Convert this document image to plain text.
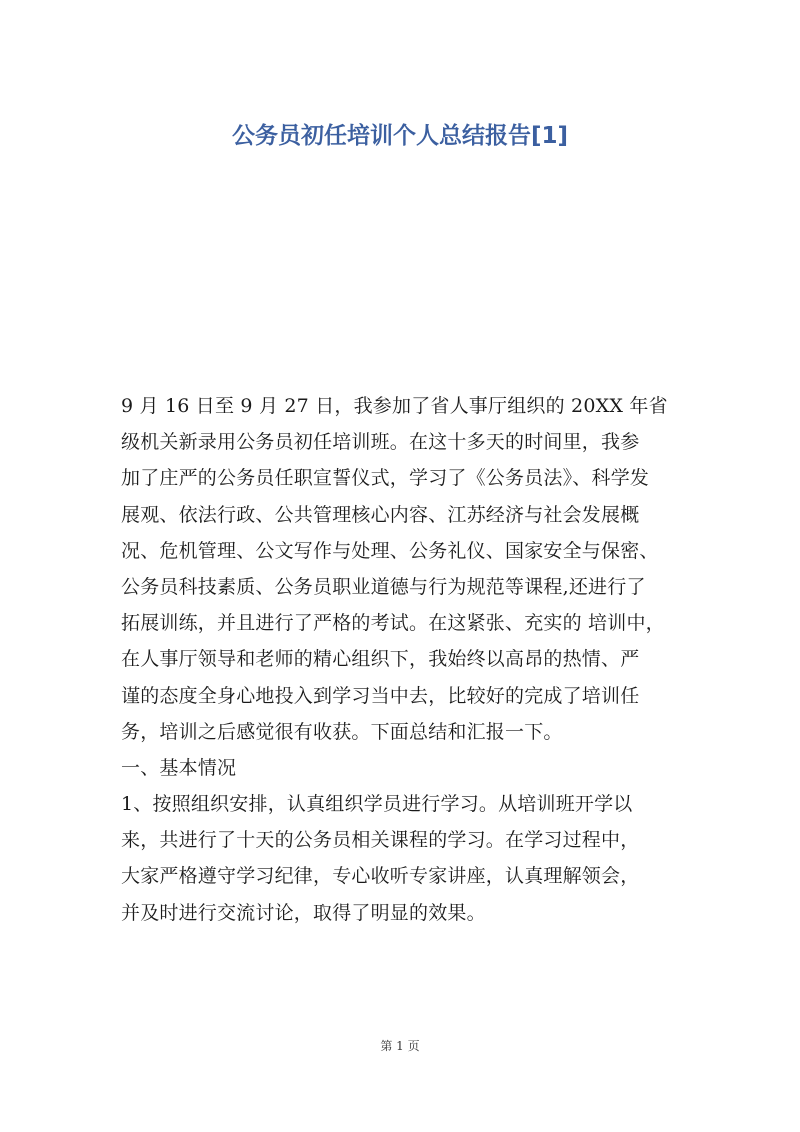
公务员初任培训个人总结报告[1]
9 月 16 日至 9 月 27 日，我参加了省人事厅组织的 20XX 年省
级机关新录用公务员初任培训班。在这十多天的时间里，我参
加了庄严的公务员任职宣誓仪式，学习了《公务员法》、科学发
展观、依法行政、公共管理核心内容、江苏经济与社会发展概
况、危机管理、公文写作与处理、公务礼仪、国家安全与保密、
公务员科技素质、公务员职业道德与行为规范等课程,还进行了
拓展训练，并且进行了严格的考试。在这紧张、充实的 培训中，
在人事厅领导和老师的精心组织下，我始终以高昂的热情、严
谨的态度全身心地投入到学习当中去，比较好的完成了培训任
务，培训之后感觉很有收获。下面总结和汇报一下。
一、基本情况
1、按照组织安排，认真组织学员进行学习。从培训班开学以
来，共进行了十天的公务员相关课程的学习。在学习过程中，
大家严格遵守学习纪律，专心收听专家讲座，认真理解领会，
并及时进行交流讨论，取得了明显的效果。
第 1 页
